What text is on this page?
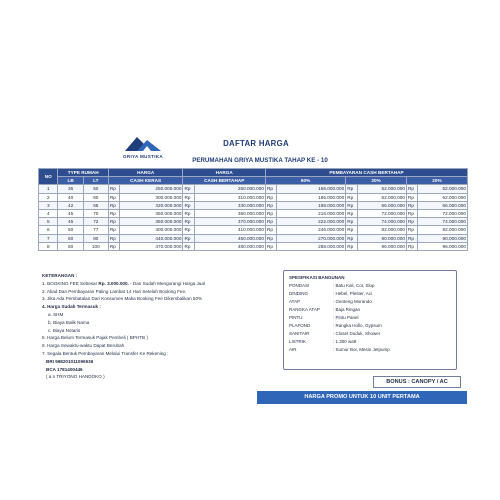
GRIYA MUSTIKA
DAFTAR HARGA
PERUMAHAN GRIYA MUSTIKA TAHAP KE - 10
NO	TYPE RUMAH		HARGA		HARGA		PEMBAYARAN CASH BERTAHAP					
	LB	LT	CASH KERAS		CASH BERTAHAP		60%		20%		20%	
1	36	50	Rp	250.000.000	Rp	260.000.000	Rp	156.000.000	Rp	52.000.000	Rp	52.000.000
2	40	60	Rp	300.000.000	Rp	310.000.000	Rp	186.000.000	Rp	62.000.000	Rp	62.000.000
3	42	65	Rp	320.000.000	Rp	330.000.000	Rp	198.000.000	Rp	66.000.000	Rp	66.000.000
4	45	70	Rp	350.000.000	Rp	360.000.000	Rp	216.000.000	Rp	72.000.000	Rp	72.000.000
5	45	72	Rp	360.000.000	Rp	370.000.000	Rp	222.000.000	Rp	74.000.000	Rp	74.000.000
6	50	77	Rp	400.000.000	Rp	410.000.000	Rp	246.000.000	Rp	82.000.000	Rp	82.000.000
7	60	80	Rp	440.000.000	Rp	450.000.000	Rp	270.000.000	Rp	90.000.000	Rp	90.000.000
8	60	100	Rp	470.000.000	Rp	480.000.000	Rp	288.000.000	Rp	96.000.000	Rp	96.000.000
KETERANGAN :
1. BOOKING FEE Sebesar Rp. 3.000.000. - Dan Sudah Mengurangi Harga Jual
2. Akad Dan Pembayaran Paling Lambat 14 Hari Setelah Booking Fee.
3. Jika Ada Pembatalan Dari Konsumen Maka Booking Fee Dikembalikan 50%
4. Harga Sudah Termasuk :
a. SHM
b. Biaya Balik Nama
c. Biaya Notaris
5. Harga Belum Termasuk Pajak Pembeli ( BPHTB )
6. Harga Sewaktu-waktu Dapat Berubah
7. Segala Bentuk Pembayaran Melalui Transfer Ke Rekening :
BRI 598201011096536
BCA 1781400446
( a.n TRIYONO HANDOKO )
SPESIFIKASI BANGUNAN
PONDASI	: Batu Kali, Cor, Slup
DINDING	: Hebel, Plester, Aci
ATAP	: Genteng Morando
RANGKA ATAP	: Baja Ringan
PINTU	: Pintu Panel
PLAFOND	: Rangka Hollo, Gypsum
SANITAIR	: Closet Duduk, Shower
LISTRIK	: 1.300 watt
AIR	: Sumur Bor, Mesin Jetpump
BONUS : CANOPY / AC
HARGA PROMO UNTUK 10 UNIT PERTAMA
